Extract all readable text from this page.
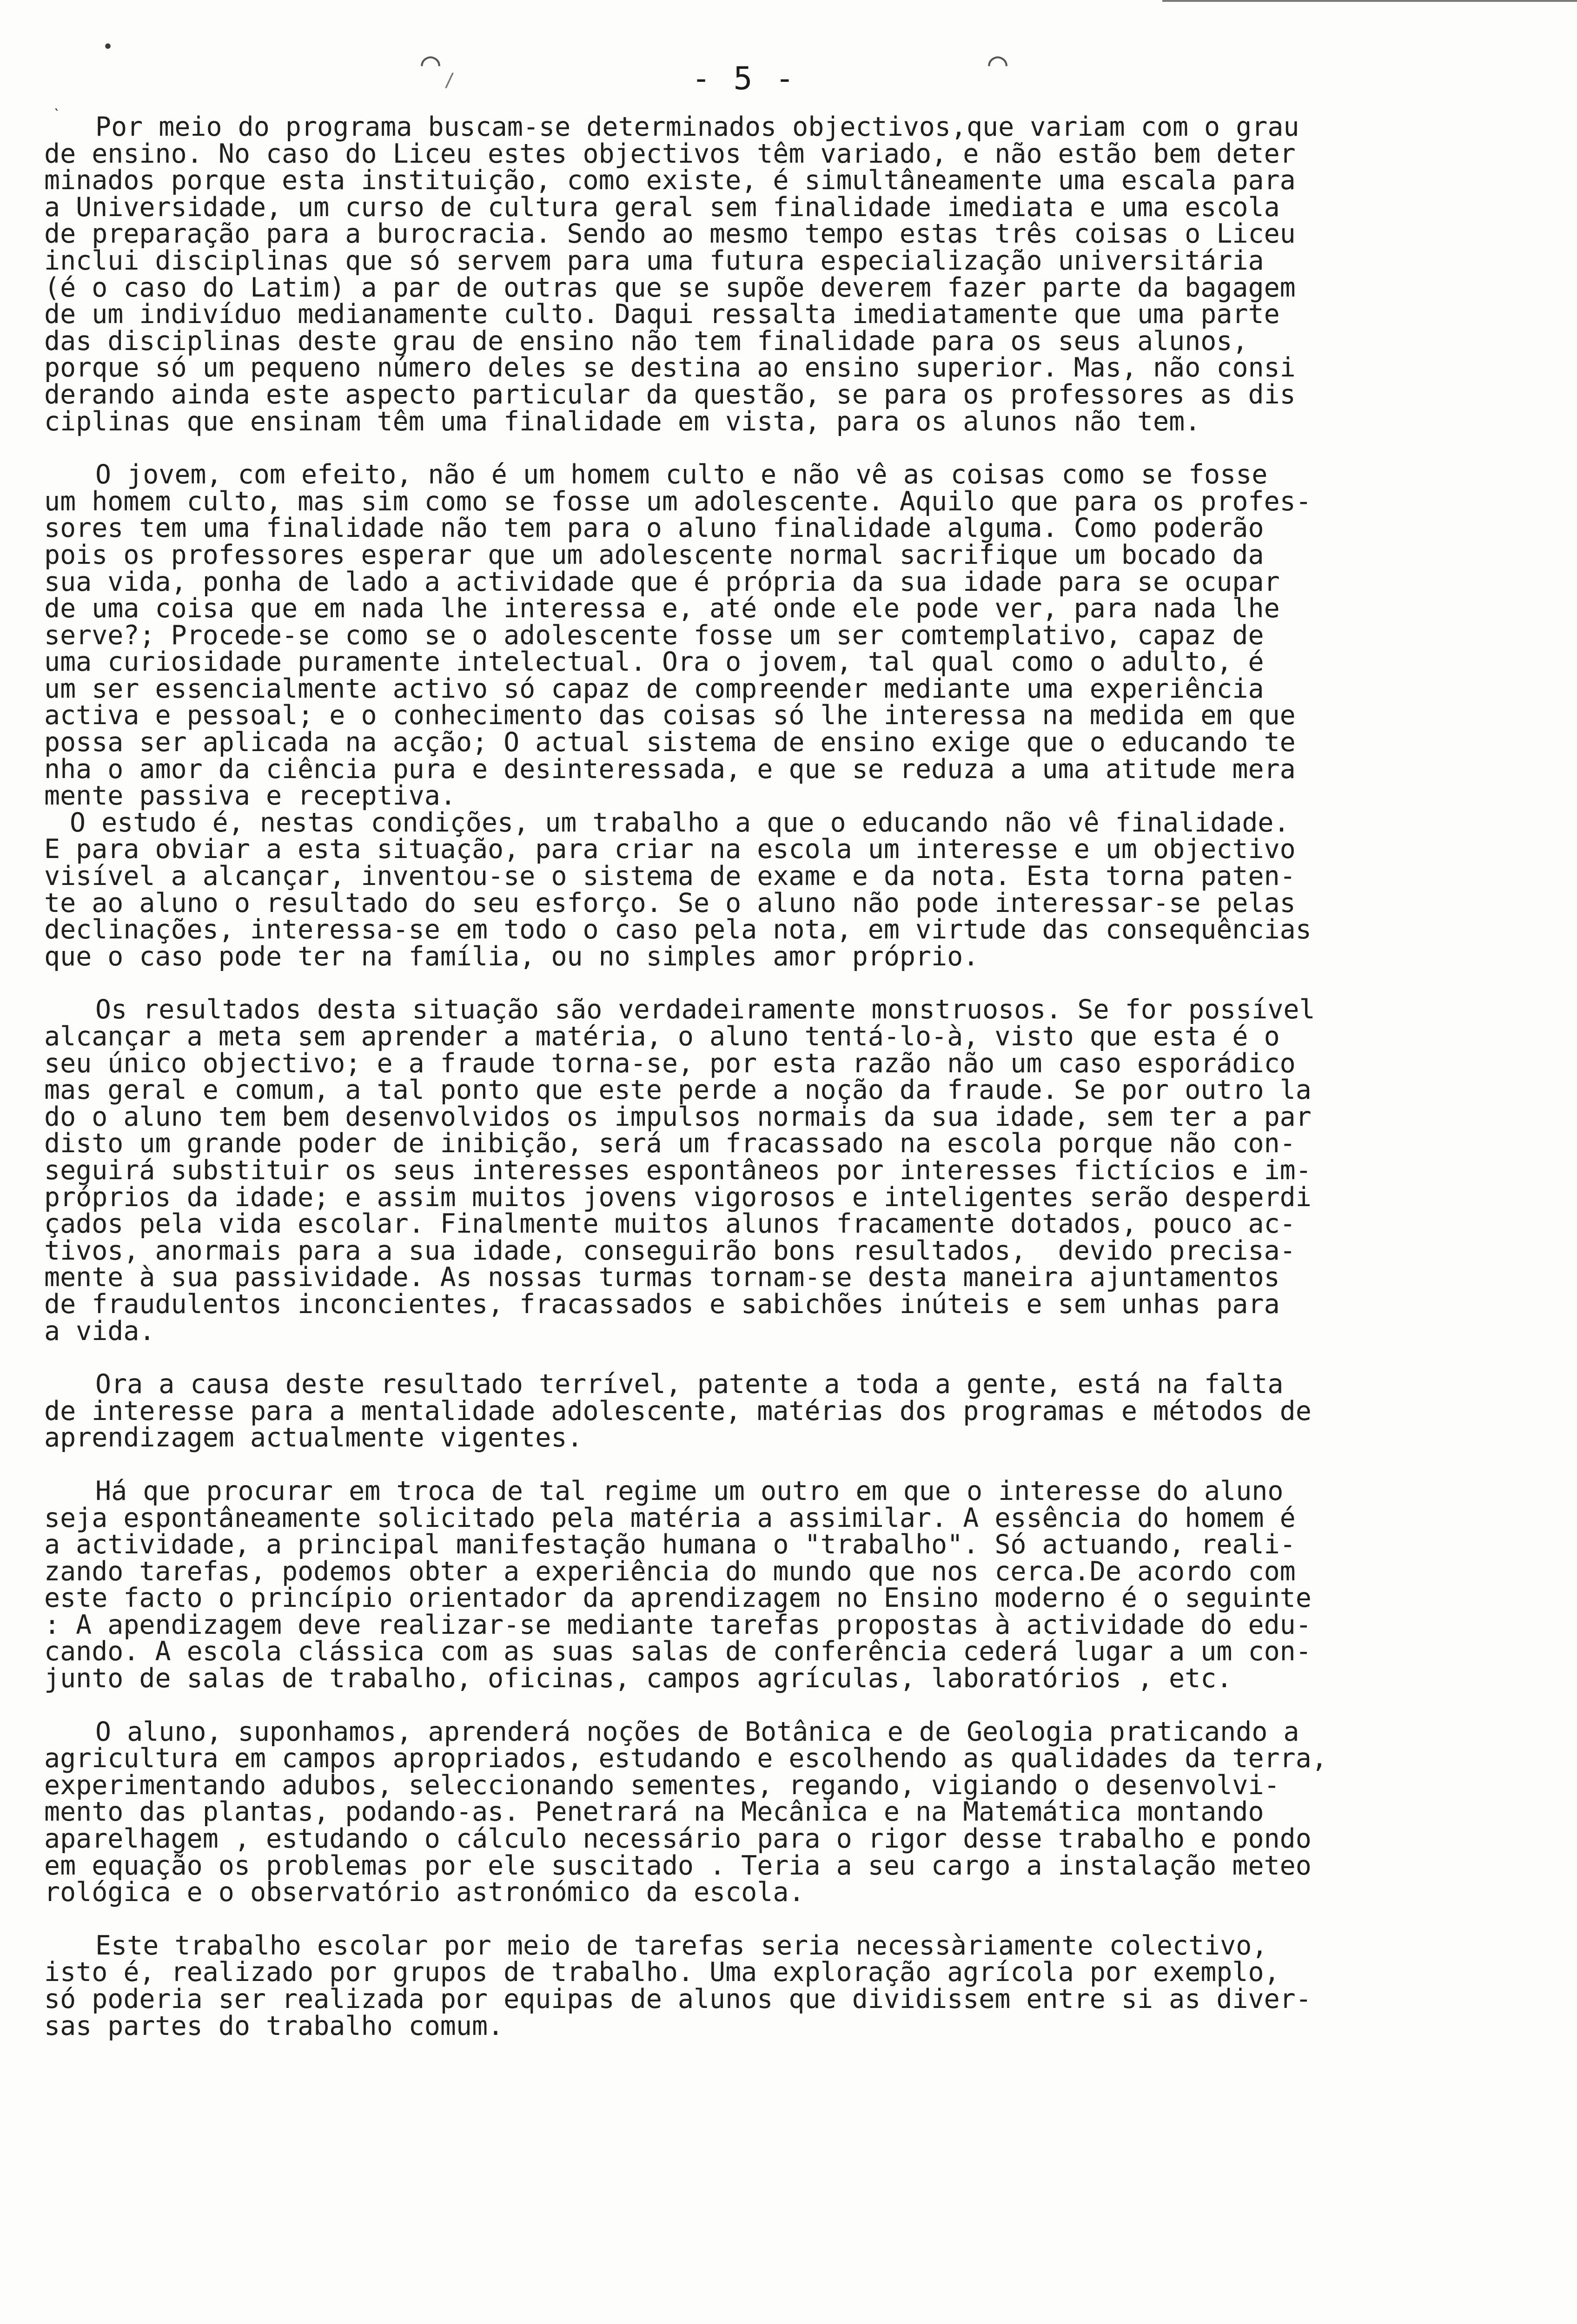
•	⌒ /	⌒
ˋ
- 5 -

Por meio do programa buscam-se determinados objectivos,que variam com o grau

de ensino. No caso do Liceu estes objectivos têm variado, e não estão bem deter

minados porque esta instituição, como existe, é simultâneamente uma escala para

a Universidade, um curso de cultura geral sem finalidade imediata e uma escola

de preparação para a burocracia. Sendo ao mesmo tempo estas três coisas o Liceu

inclui disciplinas que só servem para uma futura especialização universitária

(é o caso do Latim) a par de outras que se supõe deverem fazer parte da bagagem

de um indivíduo medianamente culto. Daqui ressalta imediatamente que uma parte

das disciplinas deste grau de ensino não tem finalidade para os seus alunos,

porque só um pequeno número deles se destina ao ensino superior. Mas, não consi

derando ainda este aspecto particular da questão, se para os professores as dis

ciplinas que ensinam têm uma finalidade em vista, para os alunos não tem.

O jovem, com efeito, não é um homem culto e não vê as coisas como se fosse

um homem culto, mas sim como se fosse um adolescente. Aquilo que para os profes-

sores tem uma finalidade não tem para o aluno finalidade alguma. Como poderão

pois os professores esperar que um adolescente normal sacrifique um bocado da

sua vida, ponha de lado a actividade que é própria da sua idade para se ocupar

de uma coisa que em nada lhe interessa e, até onde ele pode ver, para nada lhe

serve?; Procede-se como se o adolescente fosse um ser comtemplativo, capaz de

uma curiosidade puramente intelectual. Ora o jovem, tal qual como o adulto, é

um ser essencialmente activo só capaz de compreender mediante uma experiência

activa e pessoal; e o conhecimento das coisas só lhe interessa na medida em que

possa ser aplicada na acção; O actual sistema de ensino exige que o educando te

nha o amor da ciência pura e desinteressada, e que se reduza a uma atitude mera

mente passiva e receptiva.

O estudo é, nestas condições, um trabalho a que o educando não vê finalidade.

E para obviar a esta situação, para criar na escola um interesse e um objectivo

visível a alcançar, inventou-se o sistema de exame e da nota. Esta torna paten-

te ao aluno o resultado do seu esforço. Se o aluno não pode interessar-se pelas

declinações, interessa-se em todo o caso pela nota, em virtude das consequências

que o caso pode ter na família, ou no simples amor próprio.

Os resultados desta situação são verdadeiramente monstruosos. Se for possível

alcançar a meta sem aprender a matéria, o aluno tentá-lo-à, visto que esta é o

seu único objectivo; e a fraude torna-se, por esta razão não um caso esporádico

mas geral e comum, a tal ponto que este perde a noção da fraude. Se por outro la

do o aluno tem bem desenvolvidos os impulsos normais da sua idade, sem ter a par

disto um grande poder de inibição, será um fracassado na escola porque não con-

seguirá substituir os seus interesses espontâneos por interesses fictícios e im-

próprios da idade; e assim muitos jovens vigorosos e inteligentes serão desperdi

çados pela vida escolar. Finalmente muitos alunos fracamente dotados, pouco ac-

tivos, anormais para a sua idade, conseguirão bons resultados,  devido precisa-

mente à sua passividade. As nossas turmas tornam-se desta maneira ajuntamentos

de fraudulentos inconcientes, fracassados e sabichões inúteis e sem unhas para

a vida.

Ora a causa deste resultado terrível, patente a toda a gente, está na falta

de interesse para a mentalidade adolescente, matérias dos programas e métodos de

aprendizagem actualmente vigentes.

Há que procurar em troca de tal regime um outro em que o interesse do aluno

seja espontâneamente solicitado pela matéria a assimilar. A essência do homem é

a actividade, a principal manifestação humana o "trabalho". Só actuando, reali-

zando tarefas, podemos obter a experiência do mundo que nos cerca.De acordo com

este facto o princípio orientador da aprendizagem no Ensino moderno é o seguinte

: A apendizagem deve realizar-se mediante tarefas propostas à actividade do edu-

cando. A escola clássica com as suas salas de conferência cederá lugar a um con-

junto de salas de trabalho, oficinas, campos agrículas, laboratórios , etc.

O aluno, suponhamos, aprenderá noções de Botânica e de Geologia praticando a

agricultura em campos apropriados, estudando e escolhendo as qualidades da terra,

experimentando adubos, seleccionando sementes, regando, vigiando o desenvolvi-

mento das plantas, podando-as. Penetrará na Mecânica e na Matemática montando

aparelhagem , estudando o cálculo necessário para o rigor desse trabalho e pondo

em equação os problemas por ele suscitado . Teria a seu cargo a instalação meteo

rológica e o observatório astronómico da escola.

Este trabalho escolar por meio de tarefas seria necessàriamente colectivo,

isto é, realizado por grupos de trabalho. Uma exploração agrícola por exemplo,

só poderia ser realizada por equipas de alunos que dividissem entre si as diver-

sas partes do trabalho comum.
